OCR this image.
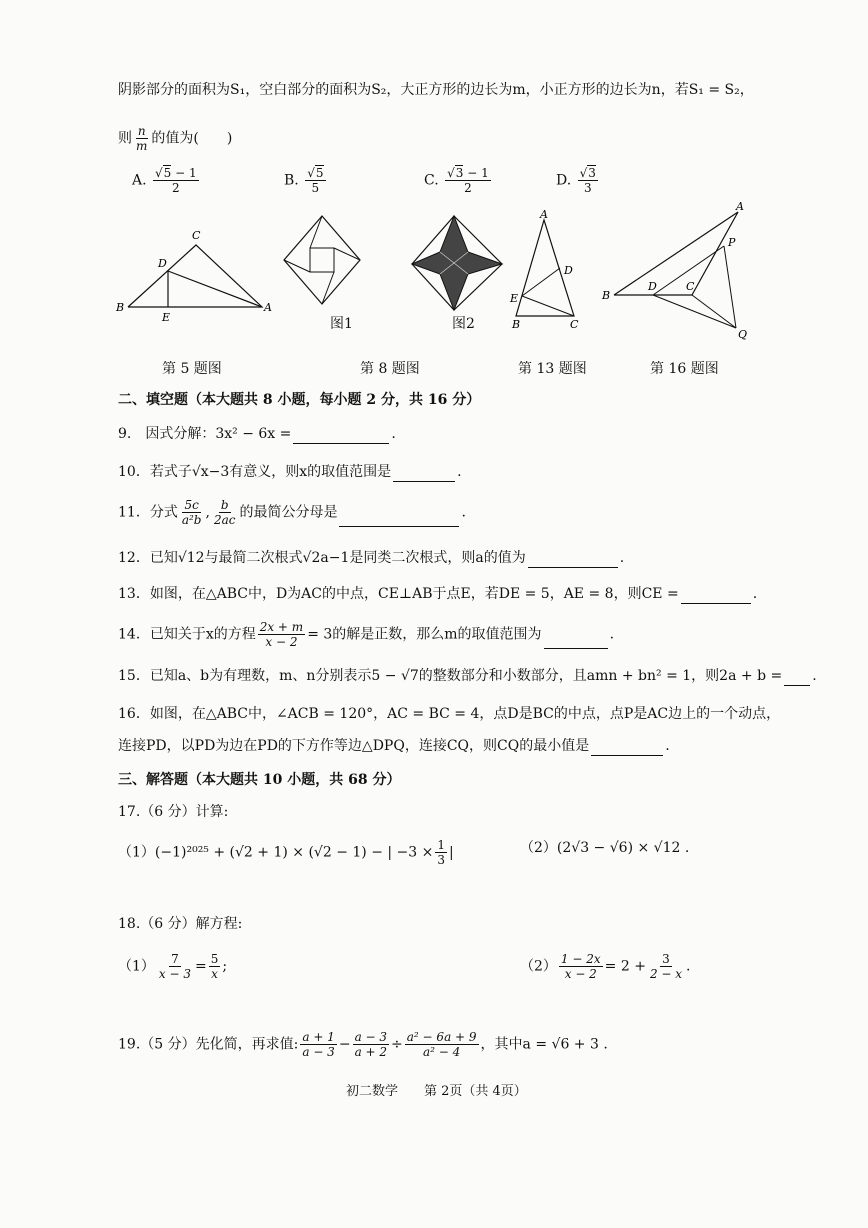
阴影部分的面积为S₁，空白部分的面积为S₂，大正方形的边长为m，小正方形的边长为n，若S₁ = S₂，
则 $\frac{n}{m}$ 的值为(　　)
A. $\frac{√5 - 1}{2}$	B. $\frac{√5}{5}$	C. $\frac{√3 - 1}{2}$	D. $\frac{√3}{3}$
C
D
B
E
A
图1	图2
A
D
E
B	C
A
P
B
D	C
Q
第 5 题图	第 8 题图	第 13 题图	第 16 题图
二、填空题（本大题共 8 小题，每小题 2 分，共 16 分）
9.　因式分解：3x² − 6x =	.
10．若式子√x−3有意义，则x的取值范围是	.
11．分式 $\frac{5c}{\text{a²b}}$ , $\frac{b}{2ac}$ 的最简公分母是	.
12．已知√12与最简二次根式√2a−1是同类二次根式，则a的值为	.
13．如图，在△ABC中，D为AC的中点，CE⊥AB于点E，若DE = 5，AE = 8，则CE =	.
14．已知关于x的方程 $\frac{2x + m}{x - 2} = 3$的解是正数，那么m的取值范围为	.
15．已知a、b为有理数，m、n分别表示5 − √7的整数部分和小数部分，且amn + bn² = 1，则2a + b = .
16．如图，在△ABC中，∠ACB = 120°，AC = BC = 4，点D是BC的中点，点P是AC边上的一个动点，
连接PD，以PD为边在PD的下方作等边△DPQ，连接CQ，则CQ的最小值是	.
三、解答题（本大题共 10 小题，共 68 分）
17.（6 分）计算:
（1）(−1)²⁰²⁵ + (√2 + 1) × (√2 − 1) − | $-3 \times \frac{1}{3}$ |	（2）(2√3 − √6) × √12 .
18.（6 分）解方程:
$(1) \frac{7}{x - 3} = \frac{5}{x}$ ;	$(2) \frac{1 - 2x}{x - 2} = 2 + \frac{3}{2 - x}$ .
19.（5 分）先化简，再求值: $\frac{a + 1}{a - 3} - \frac{a - 3}{a + 2} \div \frac{\text{a² − 6a + 9}}{\text{a² − 4}}$ ，其中a = √6 + 3 .
初二数学　　第 2页（共 4页）
